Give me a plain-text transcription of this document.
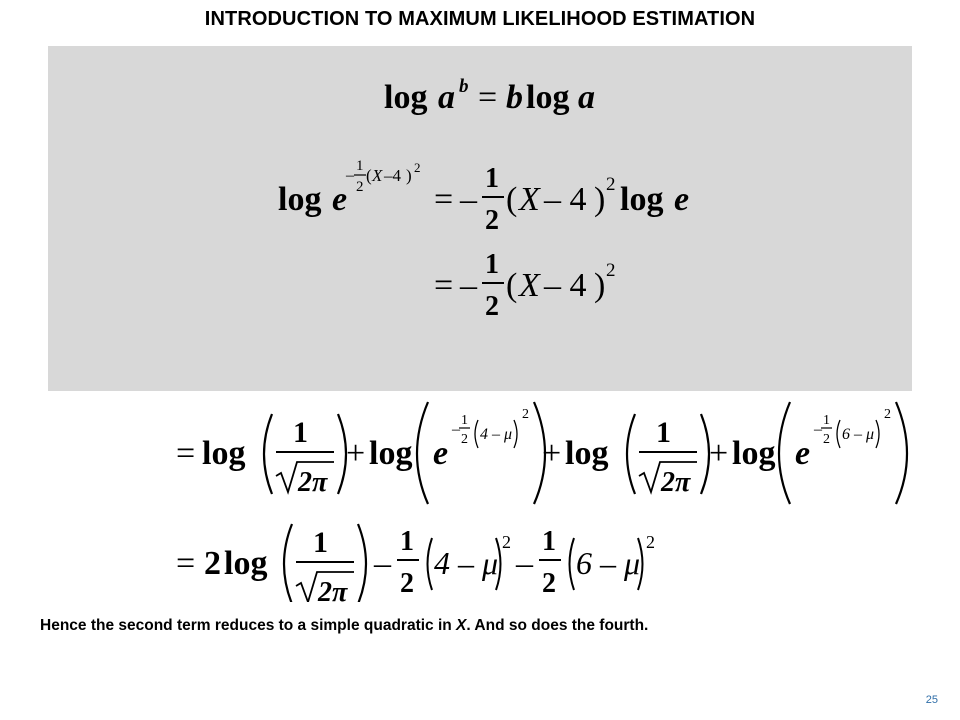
INTRODUCTION TO MAXIMUM LIKELIHOOD ESTIMATION
log a b = b log a
log e
–
1
2
( X –4 ) 2
= –
1
2
( X – 4 ) 2 log e
= –
1
2
( X – 4 ) 2
= log
1
2π
+ log e
–
1
2 4 – μ
2
+ log
1
2π
+ log e
–
1
2 6 – μ
2
= 2 log
1
2π
–
1
2
4 – μ
2
–
1
2
6 – μ
2
Hence the second term reduces to a simple quadratic in X. And so does the fourth.
25
